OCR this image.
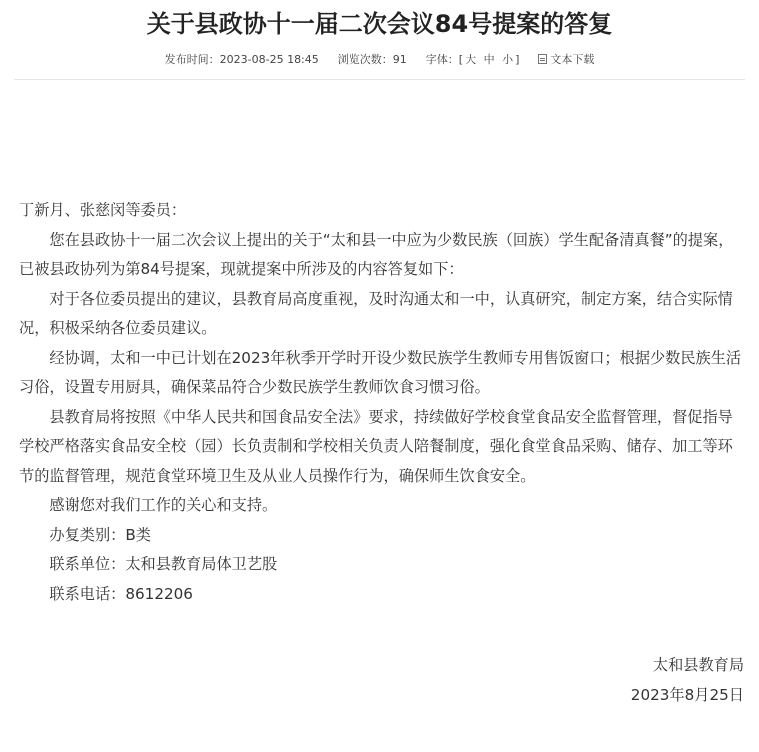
关于县政协十一届二次会议84号提案的答复
发布时间：2023-08-25 18:45 浏览次数：91 字体：[ 大 中 小 ]	文本下载

丁新月、张慈闵等委员：

您在县政协十一届二次会议上提出的关于“太和县一中应为少数民族（回族）学生配备清真餐”的提案，已被县政协列为第84号提案，现就提案中所涉及的内容答复如下：

对于各位委员提出的建议，县教育局高度重视，及时沟通太和一中，认真研究，制定方案，结合实际情况，积极采纳各位委员建议。

经协调，太和一中已计划在2023年秋季开学时开设少数民族学生教师专用售饭窗口；根据少数民族生活习俗，设置专用厨具，确保菜品符合少数民族学生教师饮食习惯习俗。

县教育局将按照《中华人民共和国食品安全法》要求，持续做好学校食堂食品安全监督管理，督促指导学校严格落实食品安全校（园）长负责制和学校相关负责人陪餐制度，强化食堂食品采购、储存、加工等环节的监督管理，规范食堂环境卫生及从业人员操作行为，确保师生饮食安全。

感谢您对我们工作的关心和支持。

办复类别：B类

联系单位：太和县教育局体卫艺股

联系电话：8612206

太和县教育局
2023年8月25日
